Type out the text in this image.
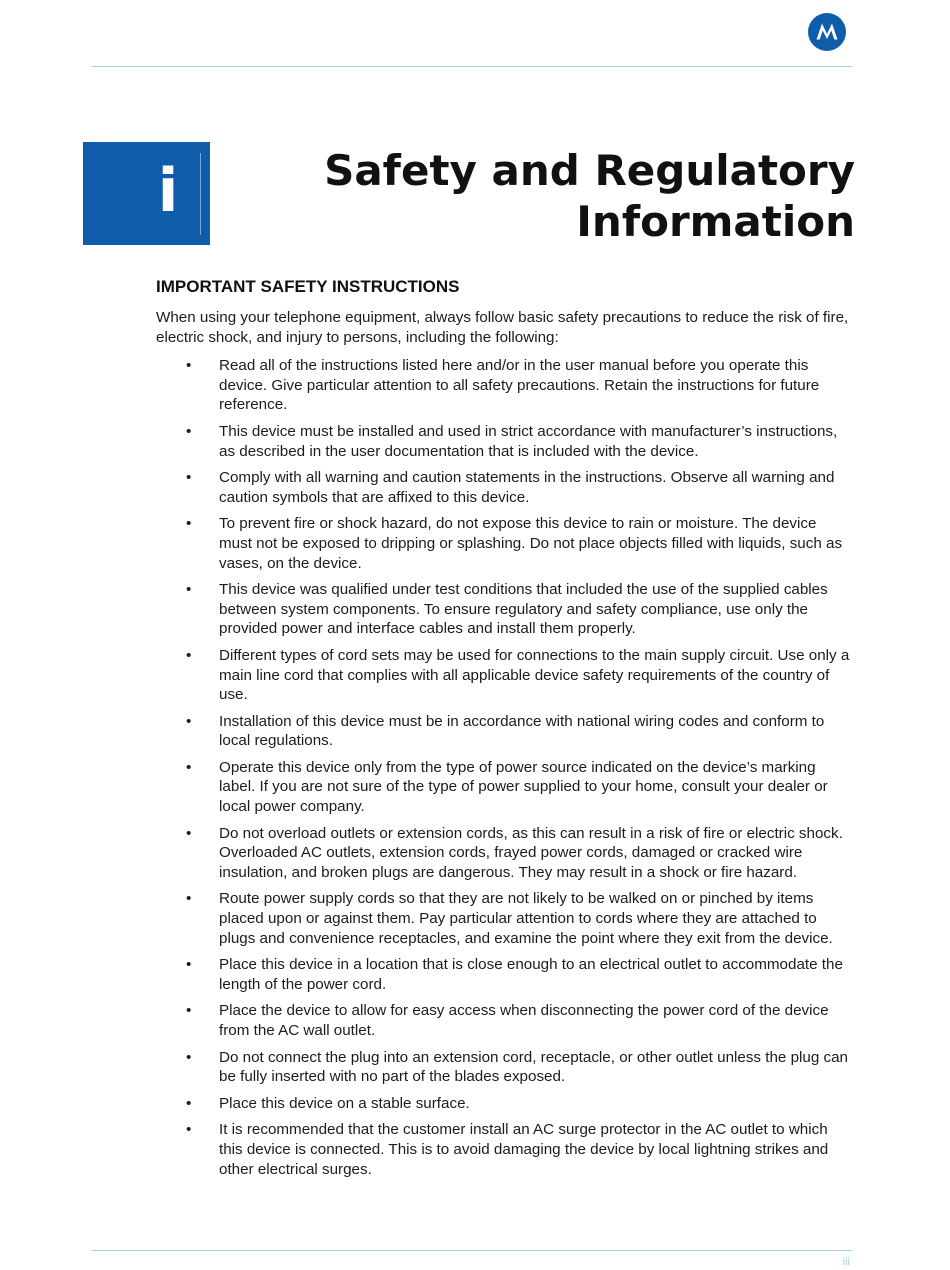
i	Safety and Regulatory
Information
IMPORTANT SAFETY INSTRUCTIONS

When using your telephone equipment, always follow basic safety precautions to reduce the risk of fire, electric shock, and injury to persons, including the following:

• Read all of the instructions listed here and/or in the user manual before you operate this device. Give particular attention to all safety precautions. Retain the instructions for future reference.
• This device must be installed and used in strict accordance with manufacturer’s instructions, as described in the user documentation that is included with the device.
• Comply with all warning and caution statements in the instructions. Observe all warning and caution symbols that are affixed to this device.
• To prevent fire or shock hazard, do not expose this device to rain or moisture. The device must not be exposed to dripping or splashing. Do not place objects filled with liquids, such as vases, on the device.
• This device was qualified under test conditions that included the use of the supplied cables between system components. To ensure regulatory and safety compliance, use only the provided power and interface cables and install them properly.
• Different types of cord sets may be used for connections to the main supply circuit. Use only a main line cord that complies with all applicable device safety requirements of the country of use.
• Installation of this device must be in accordance with national wiring codes and conform to local regulations.
• Operate this device only from the type of power source indicated on the device’s marking label. If you are not sure of the type of power supplied to your home, consult your dealer or local power company.
• Do not overload outlets or extension cords, as this can result in a risk of fire or electric shock. Overloaded AC outlets, extension cords, frayed power cords, damaged or cracked wire insulation, and broken plugs are dangerous. They may result in a shock or fire hazard.
• Route power supply cords so that they are not likely to be walked on or pinched by items placed upon or against them. Pay particular attention to cords where they are attached to plugs and convenience receptacles, and examine the point where they exit from the device.
• Place this device in a location that is close enough to an electrical outlet to accommodate the length of the power cord.
• Place the device to allow for easy access when disconnecting the power cord of the device from the AC wall outlet.
• Do not connect the plug into an extension cord, receptacle, or other outlet unless the plug can be fully inserted with no part of the blades exposed.
• Place this device on a stable surface.
• It is recommended that the customer install an AC surge protector in the AC outlet to which this device is connected. This is to avoid damaging the device by local lightning strikes and other electrical surges.
iii
